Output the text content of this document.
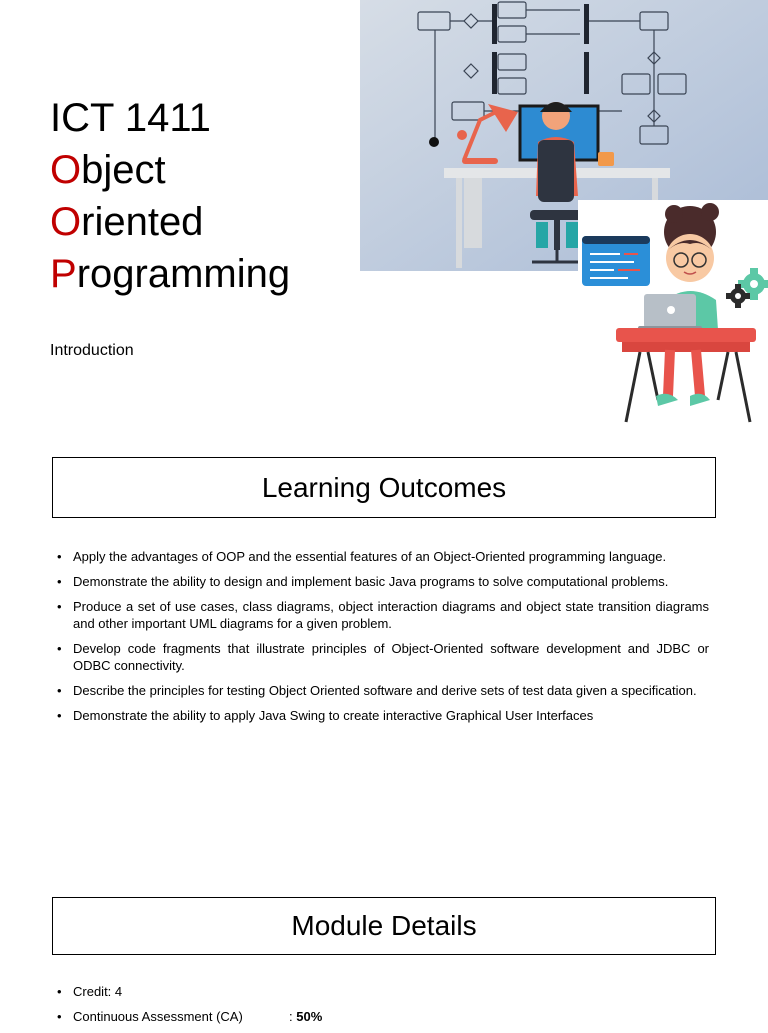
ICT 1411
Object
Oriented
Programming
Introduction
Learning Outcomes
• Apply the advantages of OOP and the essential features of an Object-Oriented programming language.
• Demonstrate the ability to design and implement basic Java programs to solve computational problems.
• Produce a set of use cases, class diagrams, object interaction diagrams and object state transition diagrams and other important UML diagrams for a given problem.
• Develop code fragments that illustrate principles of Object-Oriented software development and JDBC or ODBC connectivity.
• Describe the principles for testing Object Oriented software and derive sets of test data given a specification.
• Demonstrate the ability to apply Java Swing to create interactive Graphical User Interfaces
Module Details
• Credit: 4
• Continuous Assessment (CA)	: 50%
